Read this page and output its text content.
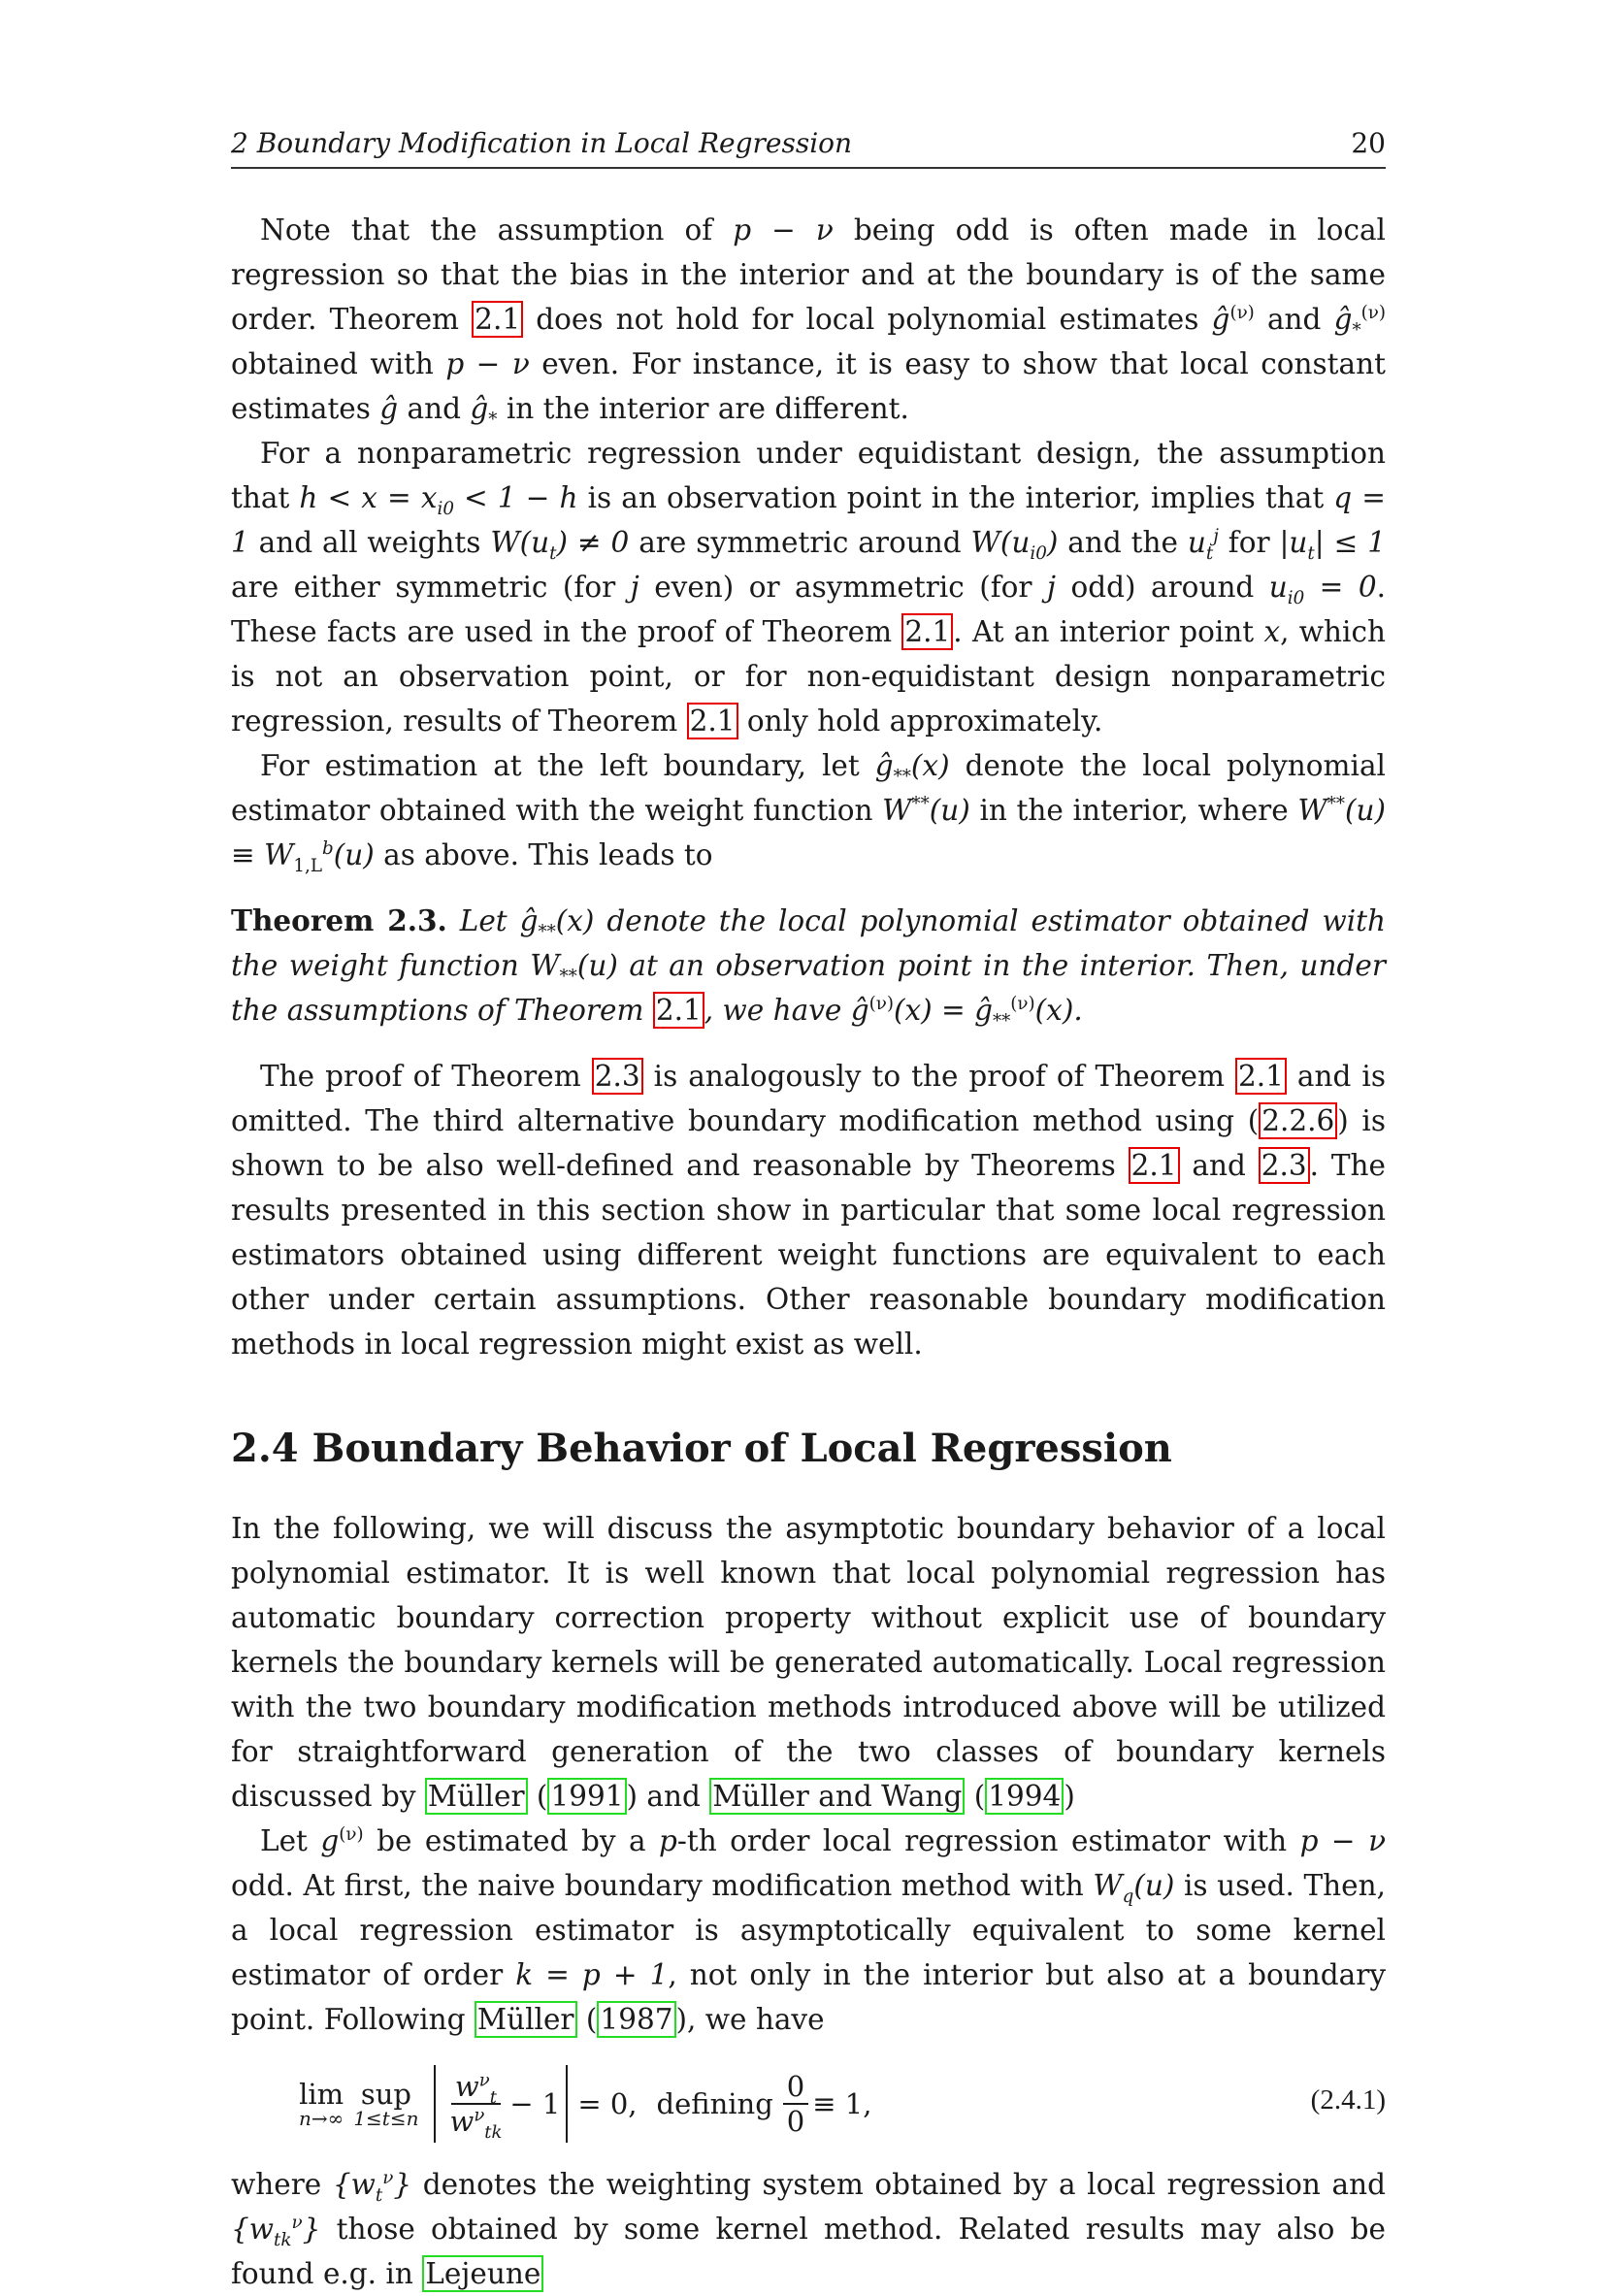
2 Boundary Modification in Local Regression	20

Note that the assumption of p − ν being odd is often made in local regression so that the bias in the interior and at the boundary is of the same order. Theorem 2.1 does not hold for local polynomial estimates $ĝ^{(\nu)}$ and $ĝ_*^{(\nu)}$ obtained with p − ν even. For instance, it is easy to show that local constant estimates ĝ and $ĝ_*$ in the interior are different.

For a nonparametric regression under equidistant design, the assumption that $h < x = x_{i0} < 1 - h$ is an observation point in the interior, implies that q = 1 and all weights $W(u_t) \ne 0$ are symmetric around $W(u_{i0})$ and the $u_t^j$ for $|u_t| \le 1$ are either symmetric (for j even) or asymmetric (for j odd) around $u_{i0} = 0$. These facts are used in the proof of Theorem 2.1 . At an interior point x, which is not an observation point, or for non-equidistant design nonparametric regression, results of Theorem 2.1 only hold approximately.

For estimation at the left boundary, let $ĝ_{**}(x)$ denote the local polynomial estimator obtained with the weight function W**(u) in the interior, where $W^{**}(u) \equiv W_{1,L}^b(u)$ as above. This leads to

Theorem 2.3. Let $ĝ_{**}(x)$ denote the local polynomial estimator obtained with the weight function $W_{**}(u)$ at an observation point in the interior. Then, under the assumptions of Theorem 2.1 , we have $ĝ^{(\nu)}(x)$ = $ĝ_{**}^{(\nu)}(x)$.

The proof of Theorem 2.3 is analogously to the proof of Theorem 2.1 and is omitted. The third alternative boundary modification method using ( 2.2.6 ) is shown to be also well-defined and reasonable by Theorems 2.1 and 2.3 . The results presented in this section show in particular that some local regression estimators obtained using different weight functions are equivalent to each other under certain assumptions. Other reasonable boundary modification methods in local regression might exist as well.

2.4 Boundary Behavior of Local Regression

In the following, we will discuss the asymptotic boundary behavior of a local polynomial estimator. It is well known that local polynomial regression has automatic boundary correction property without explicit use of boundary kernels the boundary kernels will be generated automatically. Local regression with the two boundary modification methods introduced above will be utilized for straightforward generation of the two classes of boundary kernels discussed by Müller ( 1991 ) and Müller and Wang ( 1994 )

Let $g^{(\nu)}$ be estimated by a p-th order local regression estimator with p − ν odd. At first, the naive boundary modification method with $W_q(u)$ is used. Then, a local regression estimator is asymptotically equivalent to some kernel estimator of order k = p + 1, not only in the interior but also at a boundary point. Following Müller ( 1987 ), we have

lim
n→∞
sup
$1\le t\le n \frac{w^\nu_t}{w^\nu_{tk}} - 1 = 0$, defining $\frac{0}{0} \equiv 1$,	(2.4.1)

where $\{w_t^\nu\}$ denotes the weighting system obtained by a local regression and $\{w_{tk}^\nu\}$ those obtained by some kernel method. Related results may also be found e.g. in Lejeune
